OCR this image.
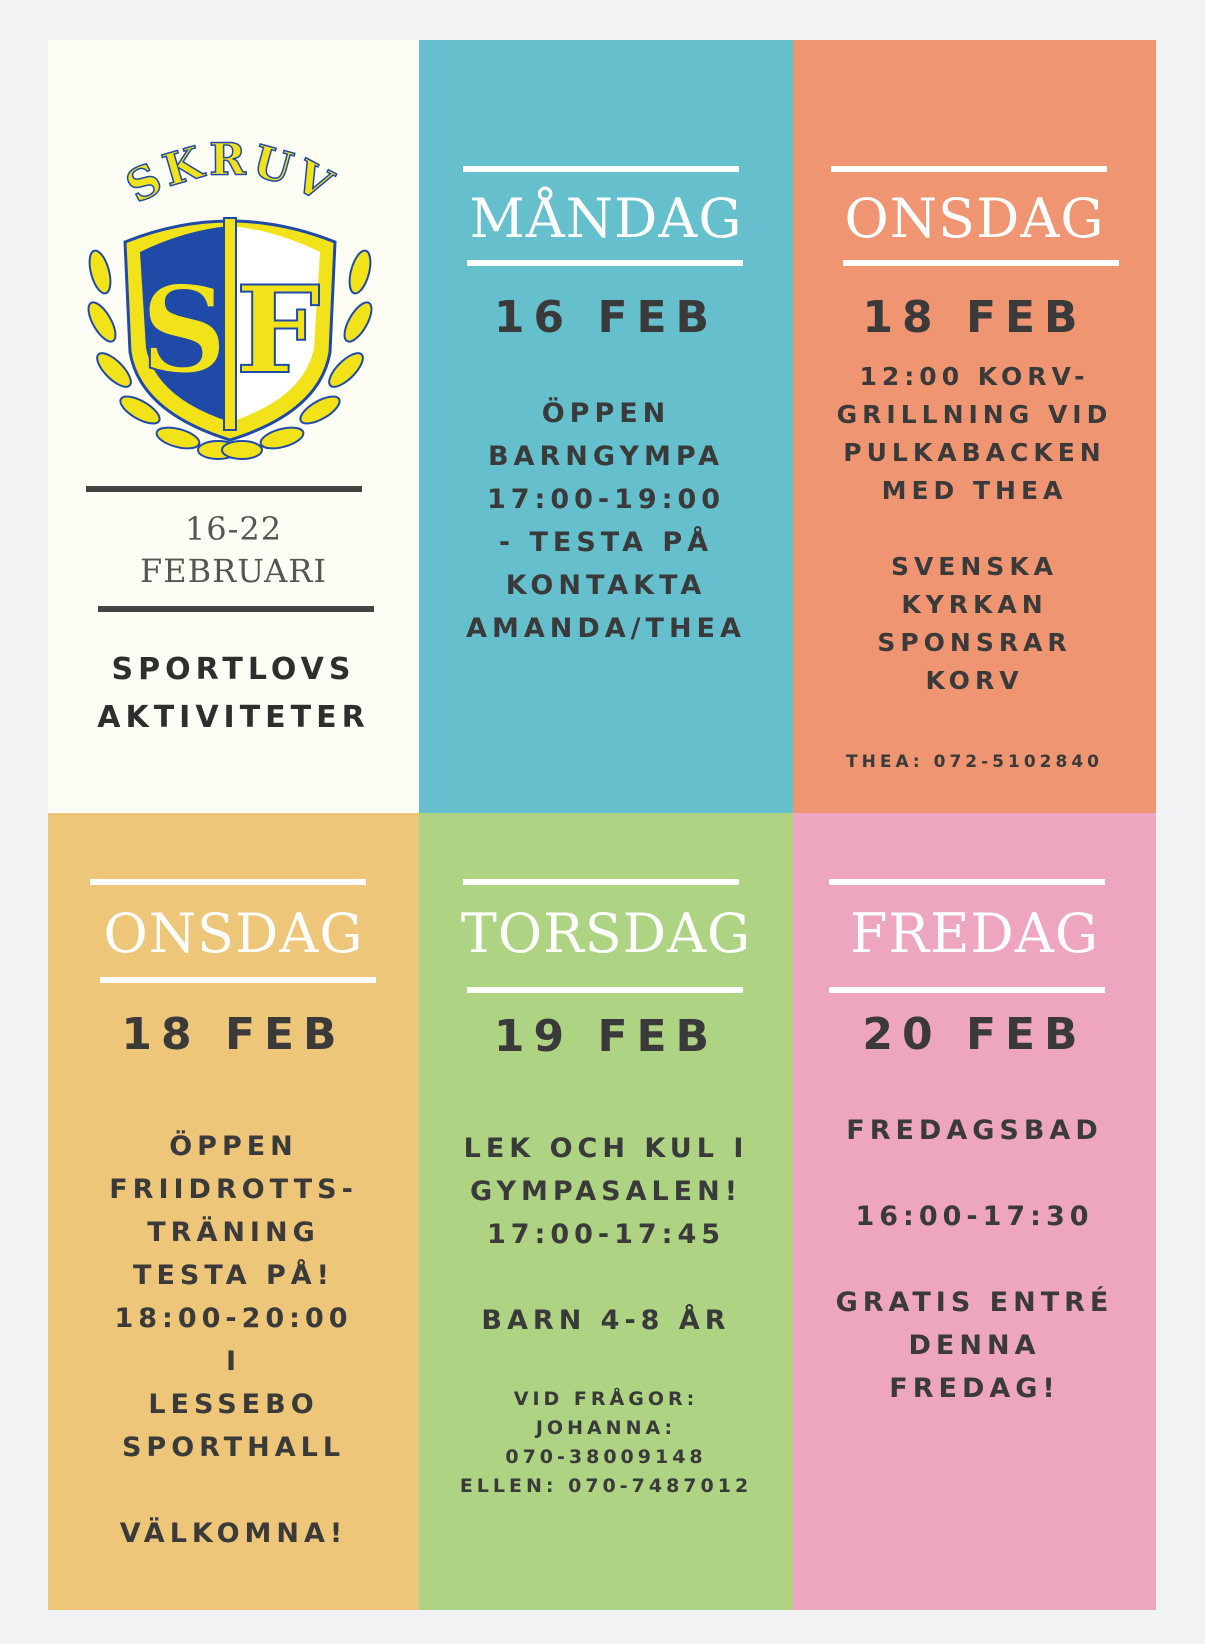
SKRUV
S F
16-22
FEBRUARI
SPORTLOVS
AKTIVITETER
MÅNDAG
16 FEB
ÖPPEN
BARNGYMPA
17:00-19:00
- TESTA PÅ
KONTAKTA
AMANDA/THEA
ONSDAG
18 FEB
12:00 KORV-
GRILLNING VID
PULKABACKEN
MED THEA
SVENSKA
KYRKAN
SPONSRAR
KORV
THEA: 072-5102840
ONSDAG
18 FEB
ÖPPEN
FRIIDROTTS-
TRÄNING
TESTA PÅ!
18:00-20:00
I
LESSEBO
SPORTHALL
VÄLKOMNA!
TORSDAG
19 FEB
LEK OCH KUL I
GYMPASALEN!
17:00-17:45
BARN 4-8 ÅR
VID FRÅGOR:
JOHANNA:
070-38009148
ELLEN: 070-7487012
FREDAG
20 FEB
FREDAGSBAD
16:00-17:30
GRATIS ENTRÉ
DENNA
FREDAG!
